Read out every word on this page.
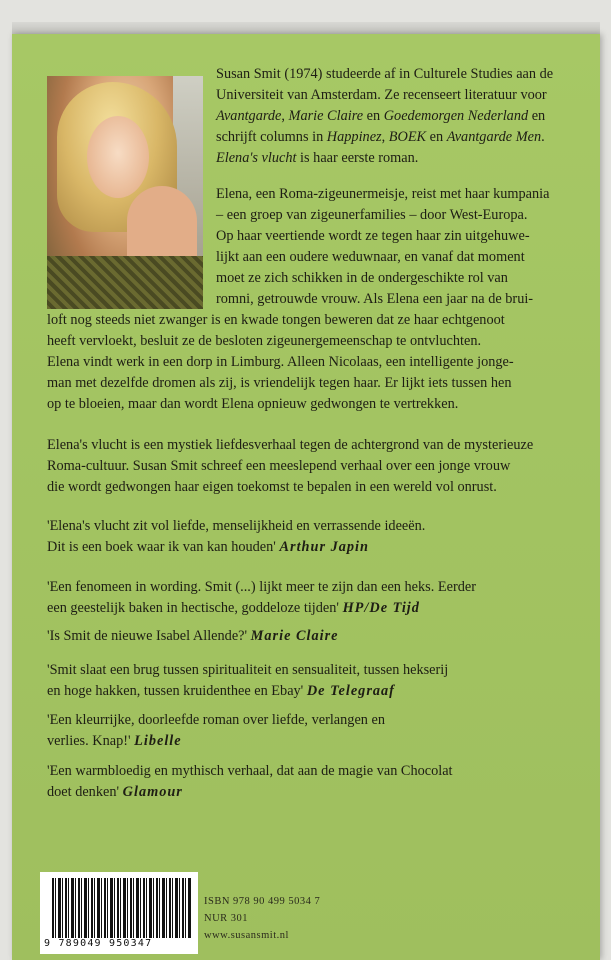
Susan Smit (1974) studeerde af in Culturele Studies aan de

Universiteit van Amsterdam. Ze recenseert literatuur voor

Avantgarde, Marie Claire en Goedemorgen Nederland en

schrijft columns in Happinez, BOEK en Avantgarde Men.

Elena's vlucht is haar eerste roman.

Elena, een Roma-zigeunermeisje, reist met haar kumpania

– een groep van zigeunerfamilies – door West-Europa.

Op haar veertiende wordt ze tegen haar zin uitgehuwe-

lijkt aan een oudere weduwnaar, en vanaf dat moment

moet ze zich schikken in de ondergeschikte rol van

romni, getrouwde vrouw. Als Elena een jaar na de brui-

loft nog steeds niet zwanger is en kwade tongen beweren dat ze haar echtgenoot

heeft vervloekt, besluit ze de besloten zigeunergemeenschap te ontvluchten.

Elena vindt werk in een dorp in Limburg. Alleen Nicolaas, een intelligente jonge-

man met dezelfde dromen als zij, is vriendelijk tegen haar. Er lijkt iets tussen hen

op te bloeien, maar dan wordt Elena opnieuw gedwongen te vertrekken.

Elena's vlucht is een mystiek liefdesverhaal tegen de achtergrond van de mysterieuze

Roma-cultuur. Susan Smit schreef een meeslepend verhaal over een jonge vrouw

die wordt gedwongen haar eigen toekomst te bepalen in een wereld vol onrust.

'Elena's vlucht zit vol liefde, menselijkheid en verrassende ideeën.

Dit is een boek waar ik van kan houden' Arthur Japin

'Een fenomeen in wording. Smit (...) lijkt meer te zijn dan een heks. Eerder

een geestelijk baken in hectische, goddeloze tijden' HP/De Tijd

'Is Smit de nieuwe Isabel Allende?' Marie Claire

'Smit slaat een brug tussen spiritualiteit en sensualiteit, tussen hekserij

en hoge hakken, tussen kruidenthee en Ebay' De Telegraaf

'Een kleurrijke, doorleefde roman over liefde, verlangen en

verlies. Knap!' Libelle

'Een warmbloedig en mythisch verhaal, dat aan de magie van Chocolat

doet denken' Glamour

9 789049 950347
ISBN 978 90 499 5034 7
NUR 301
www.susansmit.nl
